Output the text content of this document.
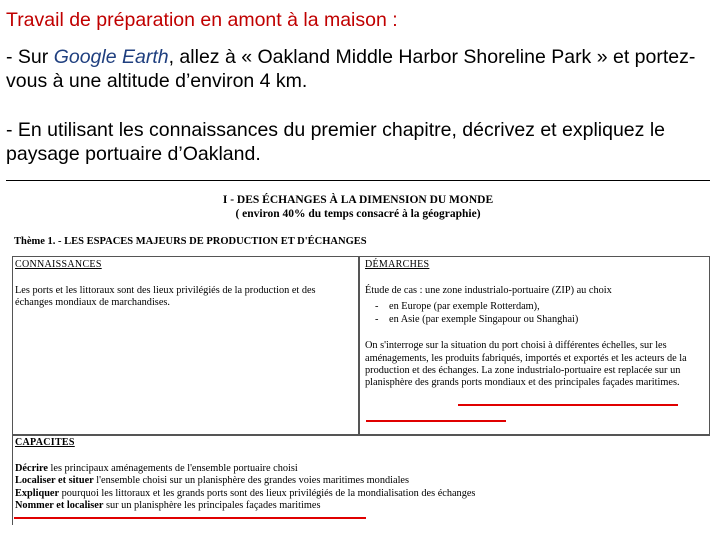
Travail de préparation en amont à la maison :

- Sur Google Earth, allez à « Oakland Middle Harbor Shoreline Park » et portez-vous à une altitude d’environ 4 km.

- En utilisant les connaissances du premier chapitre, décrivez et expliquez le paysage portuaire d’Oakland.

I - DES ÉCHANGES À LA DIMENSION DU MONDE
( environ 40% du temps consacré à la géographie)
Thème 1. - LES ESPACES MAJEURS DE PRODUCTION ET D'ÉCHANGES
CONNAISSANCES
Les ports et les littoraux sont des lieux privilégiés de la production et des échanges mondiaux de marchandises.
DÉMARCHES
Étude de cas : une zone industrialo-portuaire (ZIP) au choix
- en Europe (par exemple Rotterdam),
- en Asie (par exemple Singapour ou Shanghai)
On s'interroge sur la situation du port choisi à différentes échelles, sur les aménagements, les produits fabriqués, importés et exportés et les acteurs de la production et des échanges. La zone industrialo-portuaire est replacée sur un planisphère des grands ports mondiaux et des principales façades maritimes.
CAPACITES
Décrire les principaux aménagements de l'ensemble portuaire choisi
Localiser et situer l'ensemble choisi sur un planisphère des grandes voies maritimes mondiales
Expliquer pourquoi les littoraux et les grands ports sont des lieux privilégiés de la mondialisation des échanges
Nommer et localiser sur un planisphère les principales façades maritimes
